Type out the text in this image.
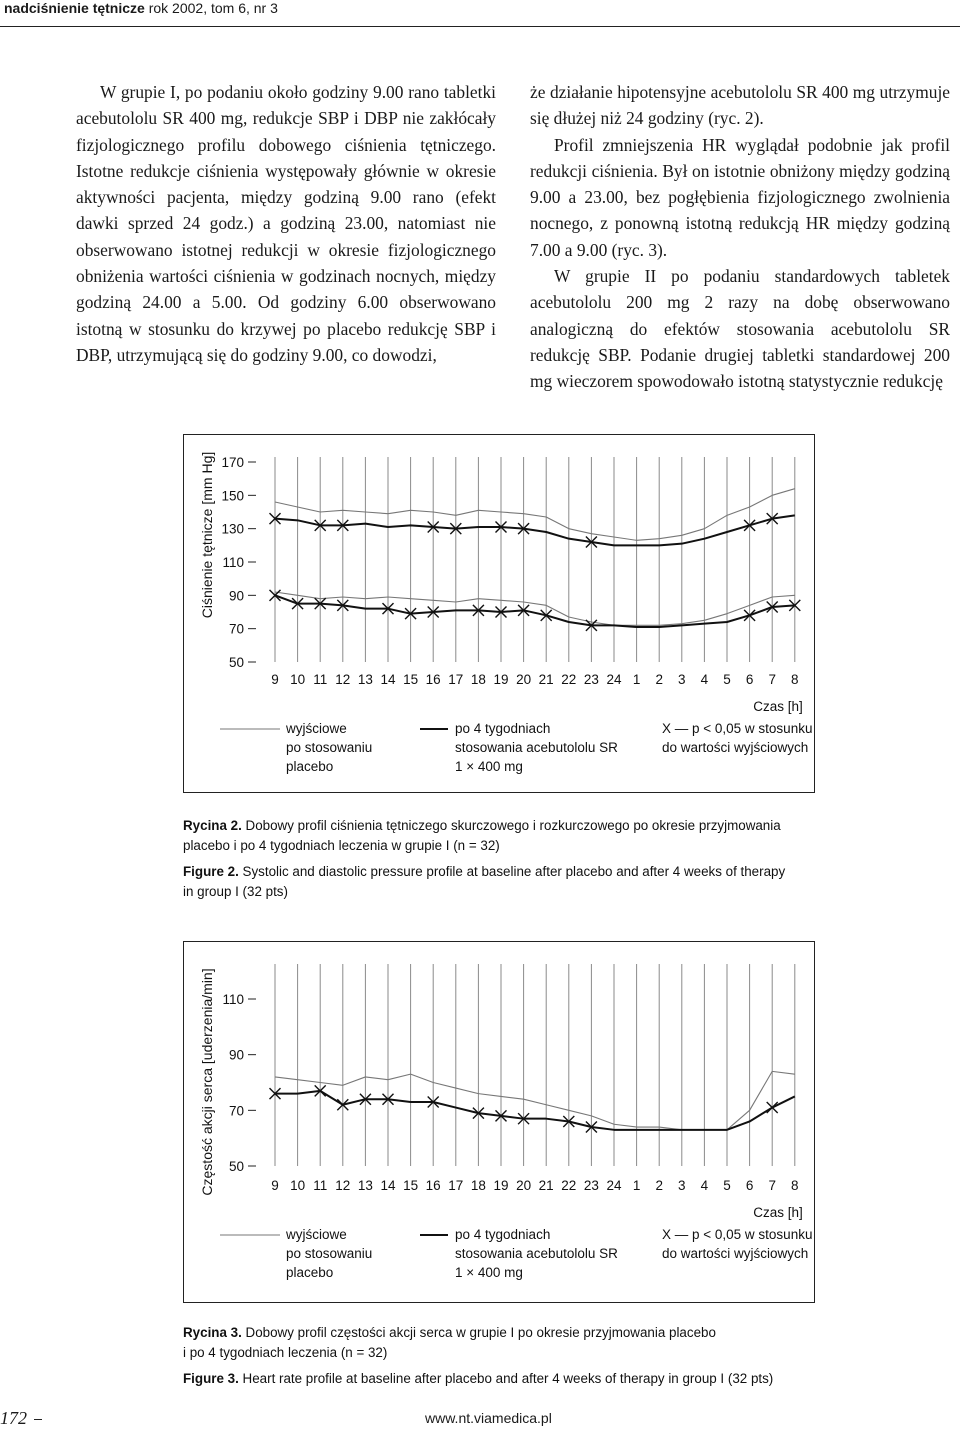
nadciśnienie tętnicze rok 2002, tom 6, nr 3

W grupie I, po podaniu około godziny 9.00 rano tabletki acebutololu SR 400 mg, redukcje SBP i DBP nie zakłócały fizjologicznego profilu dobowego ciśnienia tętniczego. Istotne redukcje ciśnienia występowały głównie w okresie aktywności pacjenta, między godziną 9.00 rano (efekt dawki sprzed 24 godz.) a godziną 23.00, natomiast nie obserwowano istotnej redukcji w okresie fizjologicznego obniżenia wartości ciśnienia w godzinach nocnych, między godziną 24.00 a 5.00. Od godziny 6.00 obserwowano istotną w stosunku do krzywej po placebo redukcję SBP i DBP, utrzymującą się do godziny 9.00, co dowodzi,

że działanie hipotensyjne acebutololu SR 400 mg utrzymuje się dłużej niż 24 godziny (ryc. 2).

Profil zmniejszenia HR wyglądał podobnie jak profil redukcji ciśnienia. Był on istotnie obniżony między godziną 9.00 a 23.00, bez pogłębienia fizjologicznego zwolnienia nocnego, z ponowną istotną redukcją HR między godziną 7.00 a 9.00 (ryc. 3).

W grupie II po podaniu standardowych tabletek acebutololu 200 mg 2 razy na dobę obserwowano analogiczną do efektów stosowania acebutololu SR redukcję SBP. Podanie drugiej tabletki standardowej 200 mg wieczorem spowodowało istotną statystycznie redukcję

170
150
130
110
90
70
50
Ciśnienie tętnicze [mm Hg]
9 10 11 12 13 14 15 16 17 18 19 20 21 22 23 24 1 2 3 4 5 6 7 8
Czas [h]
wyjściowe
po stosowaniu
placebo
po 4 tygodniach
stosowania acebutololu SR
1 × 400 mg
X — p < 0,05 w stosunku
do wartości wyjściowych
Rycina 2. Dobowy profil ciśnienia tętniczego skurczowego i rozkurczowego po okresie przyjmowania
placebo i po 4 tygodniach leczenia w grupie I (n = 32)
Figure 2. Systolic and diastolic pressure profile at baseline after placebo and after 4 weeks of therapy
in group I (32 pts)
110
90
70
50
Częstość akcji serca [uderzenia/min]	9 10 11 12 13 14 15 16 17 18 19 20 21 22 23 24 1 2 3 4 5 6 7 8
Czas [h]
wyjściowe
po stosowaniu
placebo
po 4 tygodniach
stosowania acebutololu SR
1 × 400 mg
X — p < 0,05 w stosunku
do wartości wyjściowych
Rycina 3. Dobowy profil częstości akcji serca w grupie I po okresie przyjmowania placebo
i po 4 tygodniach leczenia (n = 32)
Figure 3. Heart rate profile at baseline after placebo and after 4 weeks of therapy in group I (32 pts)
172	www.nt.viamedica.pl
